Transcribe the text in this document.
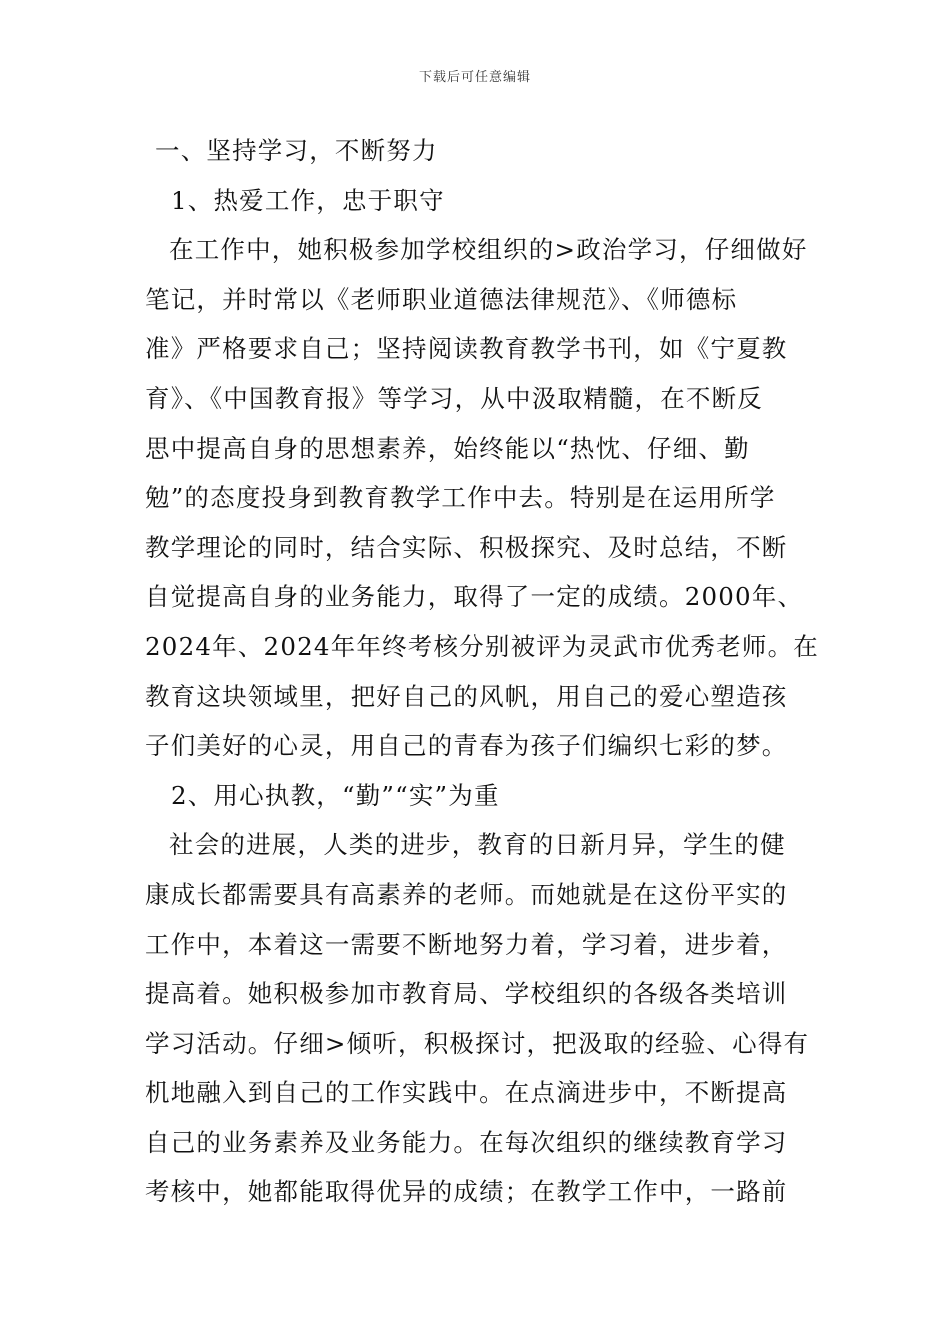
下载后可任意编辑
一、坚持学习，不断努力
1、热爱工作，忠于职守
在工作中，她积极参加学校组织的>政治学习，仔细做好
笔记，并时常以《老师职业道德法律规范》、《师德标
准》严格要求自己；坚持阅读教育教学书刊，如《宁夏教
育》、《中国教育报》等学习，从中汲取精髓，在不断反
思中提高自身的思想素养，始终能以“热忱、仔细、勤
勉”的态度投身到教育教学工作中去。特别是在运用所学
教学理论的同时，结合实际、积极探究、及时总结，不断
自觉提高自身的业务能力，取得了一定的成绩。2000年、
2024年、2024年年终考核分别被评为灵武市优秀老师。在
教育这块领域里，把好自己的风帆，用自己的爱心塑造孩
子们美好的心灵，用自己的青春为孩子们编织七彩的梦。
2、用心执教，“勤”“实”为重
社会的进展，人类的进步，教育的日新月异，学生的健
康成长都需要具有高素养的老师。而她就是在这份平实的
工作中，本着这一需要不断地努力着，学习着，进步着，
提高着。她积极参加市教育局、学校组织的各级各类培训
学习活动。仔细>倾听，积极探讨，把汲取的经验、心得有
机地融入到自己的工作实践中。在点滴进步中，不断提高
自己的业务素养及业务能力。在每次组织的继续教育学习
考核中，她都能取得优异的成绩；在教学工作中，一路前
